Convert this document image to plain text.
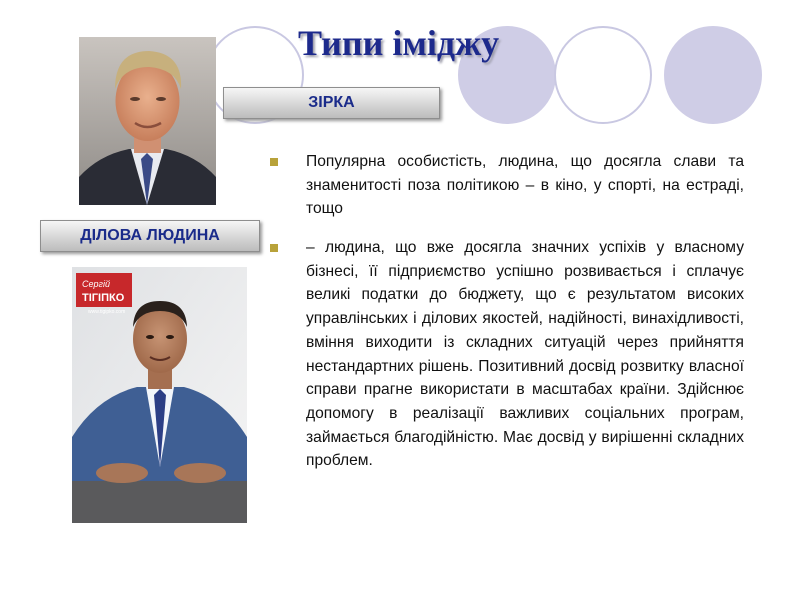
Типи іміджу
ЗІРКА
ДІЛОВА ЛЮДИНА
Сергій
ТІГІПКО
www.tigipko.com
Популярна особистість, людина, що досягла слави та знаменитості поза політикою – в кіно, у спорті, на естраді, тощо
– людина, що вже досягла значних успіхів у власному бізнесі, її підприємство успішно розвивається і сплачує великі податки до бюджету, що є результатом високих управлінських і ділових якостей, надійності, винахідливості, вміння виходити із складних ситуацій через прийняття нестандартних рішень. Позитивний досвід розвитку власної справи прагне використати в масштабах країни. Здійснює допомогу в реалізації важливих соціальних програм, займається благодійністю. Має досвід у вирішенні складних проблем.
